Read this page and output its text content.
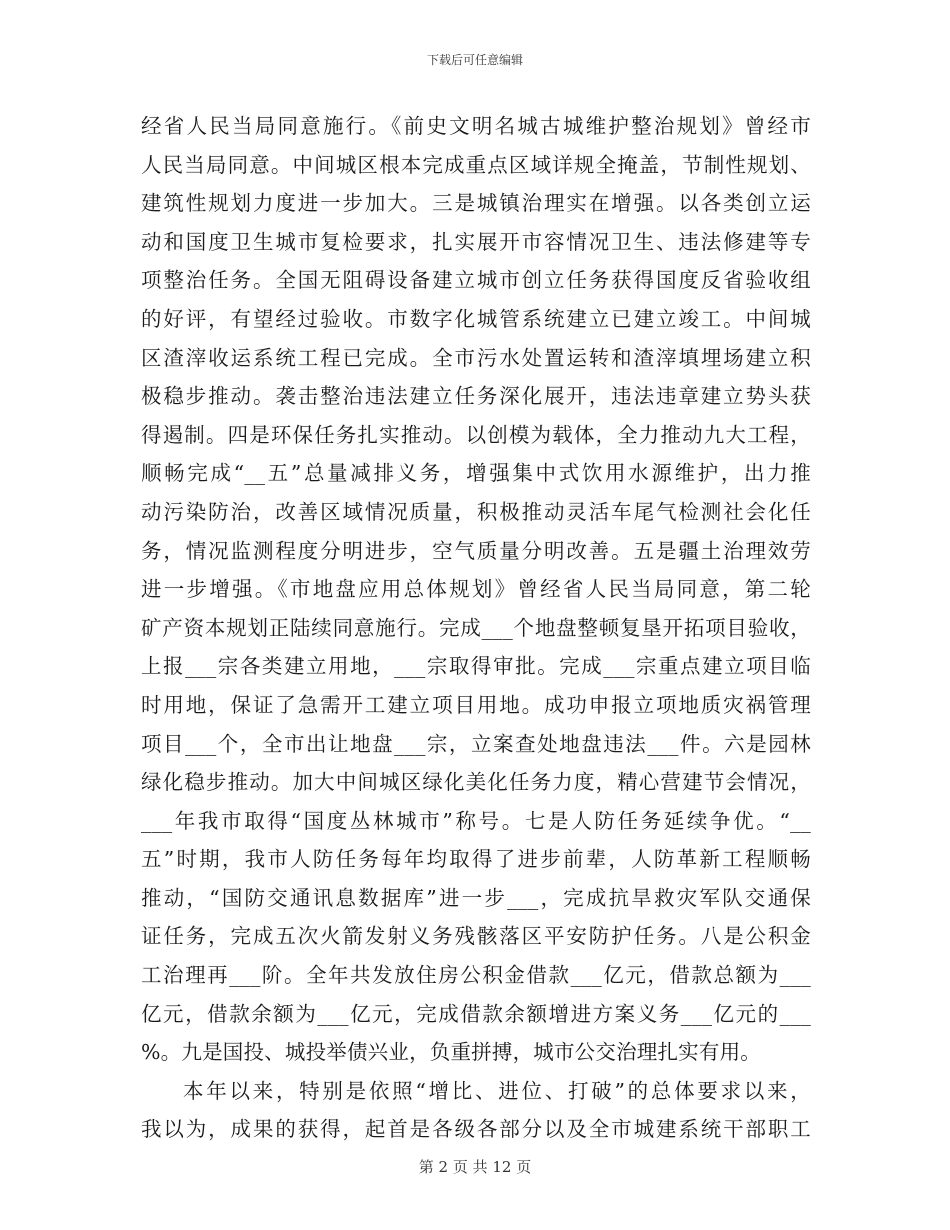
下载后可任意编辑
经省人民当局同意施行。《前史文明名城古城维护整治规划》曾经市
人民当局同意。中间城区根本完成重点区域详规全掩盖，节制性规划、
建筑性规划力度进一步加大。三是城镇治理实在增强。以各类创立运
动和国度卫生城市复检要求，扎实展开市容情况卫生、违法修建等专
项整治任务。全国无阻碍设备建立城市创立任务获得国度反省验收组
的好评，有望经过验收。市数字化城管系统建立已建立竣工。中间城
区渣滓收运系统工程已完成。全市污水处置运转和渣滓填埋场建立积
极稳步推动。袭击整治违法建立任务深化展开，违法违章建立势头获
得遏制。四是环保任务扎实推动。以创模为载体，全力推动九大工程，
顺畅完成“__五”总量减排义务，增强集中式饮用水源维护，出力推
动污染防治，改善区域情况质量，积极推动灵活车尾气检测社会化任
务，情况监测程度分明进步，空气质量分明改善。五是疆土治理效劳
进一步增强。《市地盘应用总体规划》曾经省人民当局同意，第二轮
矿产资本规划正陆续同意施行。完成___个地盘整顿复垦开拓项目验收，
上报___宗各类建立用地，___宗取得审批。完成___宗重点建立项目临
时用地，保证了急需开工建立项目用地。成功申报立项地质灾祸管理
项目___个，全市出让地盘___宗，立案查处地盘违法___件。六是园林
绿化稳步推动。加大中间城区绿化美化任务力度，精心营建节会情况，
___年我市取得“国度丛林城市”称号。七是人防任务延续争优。“__
五”时期，我市人防任务每年均取得了进步前辈，人防革新工程顺畅
推动，“国防交通讯息数据库”进一步___，完成抗旱救灾军队交通保
证任务，完成五次火箭发射义务残骸落区平安防护任务。八是公积金
工治理再___阶。全年共发放住房公积金借款___亿元，借款总额为___
亿元，借款余额为___亿元，完成借款余额增进方案义务___亿元的___
%。九是国投、城投举债兴业，负重拼搏，城市公交治理扎实有用。
本年以来，特别是依照“增比、进位、打破”的总体要求以来，
我以为，成果的获得，起首是各级各部分以及全市城建系统干部职工
第 2 页 共 12 页
